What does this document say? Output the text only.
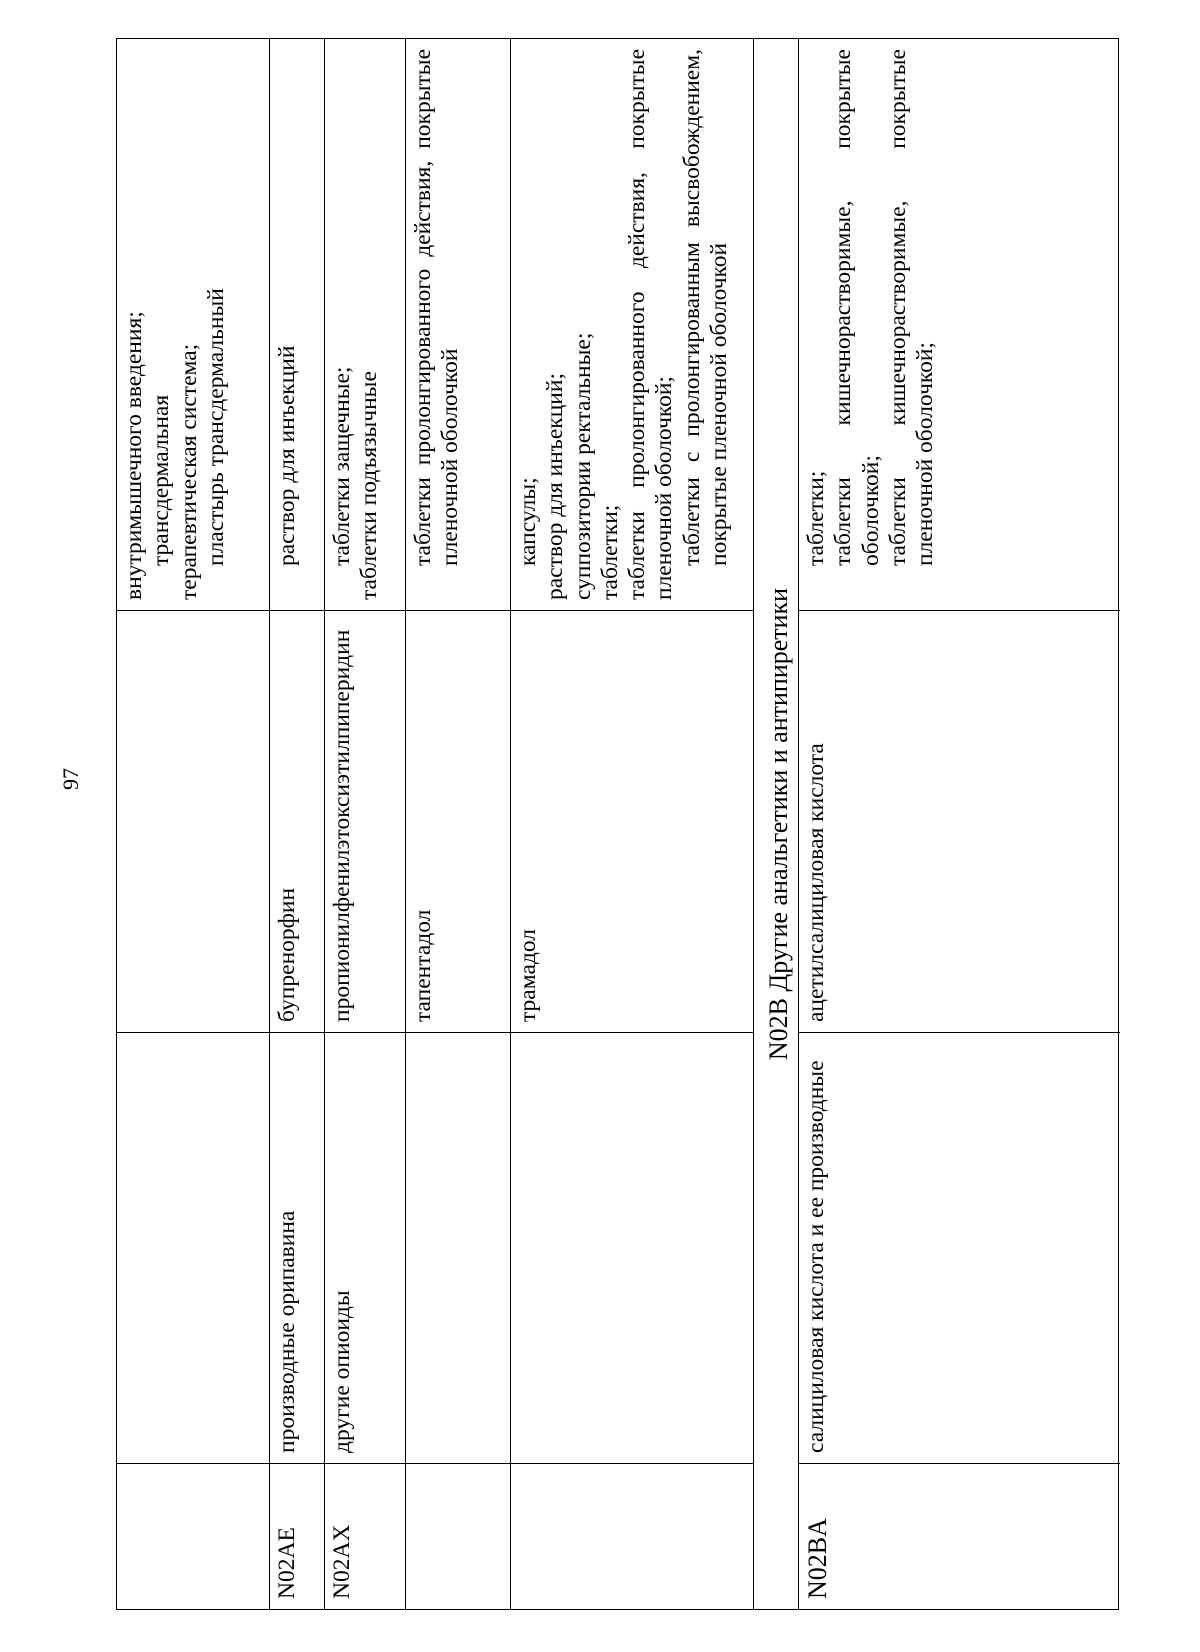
97
внутримышечного введения; трансдермальная терапевтическая система; пластырь трансдермальный
N02AE
производные орипавина
бупренорфин
раствор для инъекций
N02AX
другие опиоиды
пропионилфенилэтоксиэтилпиперидин
таблетки защечные; таблетки подъязычные
тапентадол
таблетки пролонгированного действия, покрытые пленочной оболочкой
трамадол
капсулы; раствор для инъекций; суппозитории ректальные; таблетки; таблетки пролонгированного действия, покрытые пленочной оболочкой; таблетки с пролонгированным высвобождением, покрытые пленочной оболочкой
N02B Другие анальгетики и антипиретики
N02BA
салициловая кислота и ее производные
ацетилсалициловая кислота
таблетки; таблетки кишечнорастворимые, покрытые оболочкой; таблетки кишечнорастворимые, покрытые пленочной оболочкой;
